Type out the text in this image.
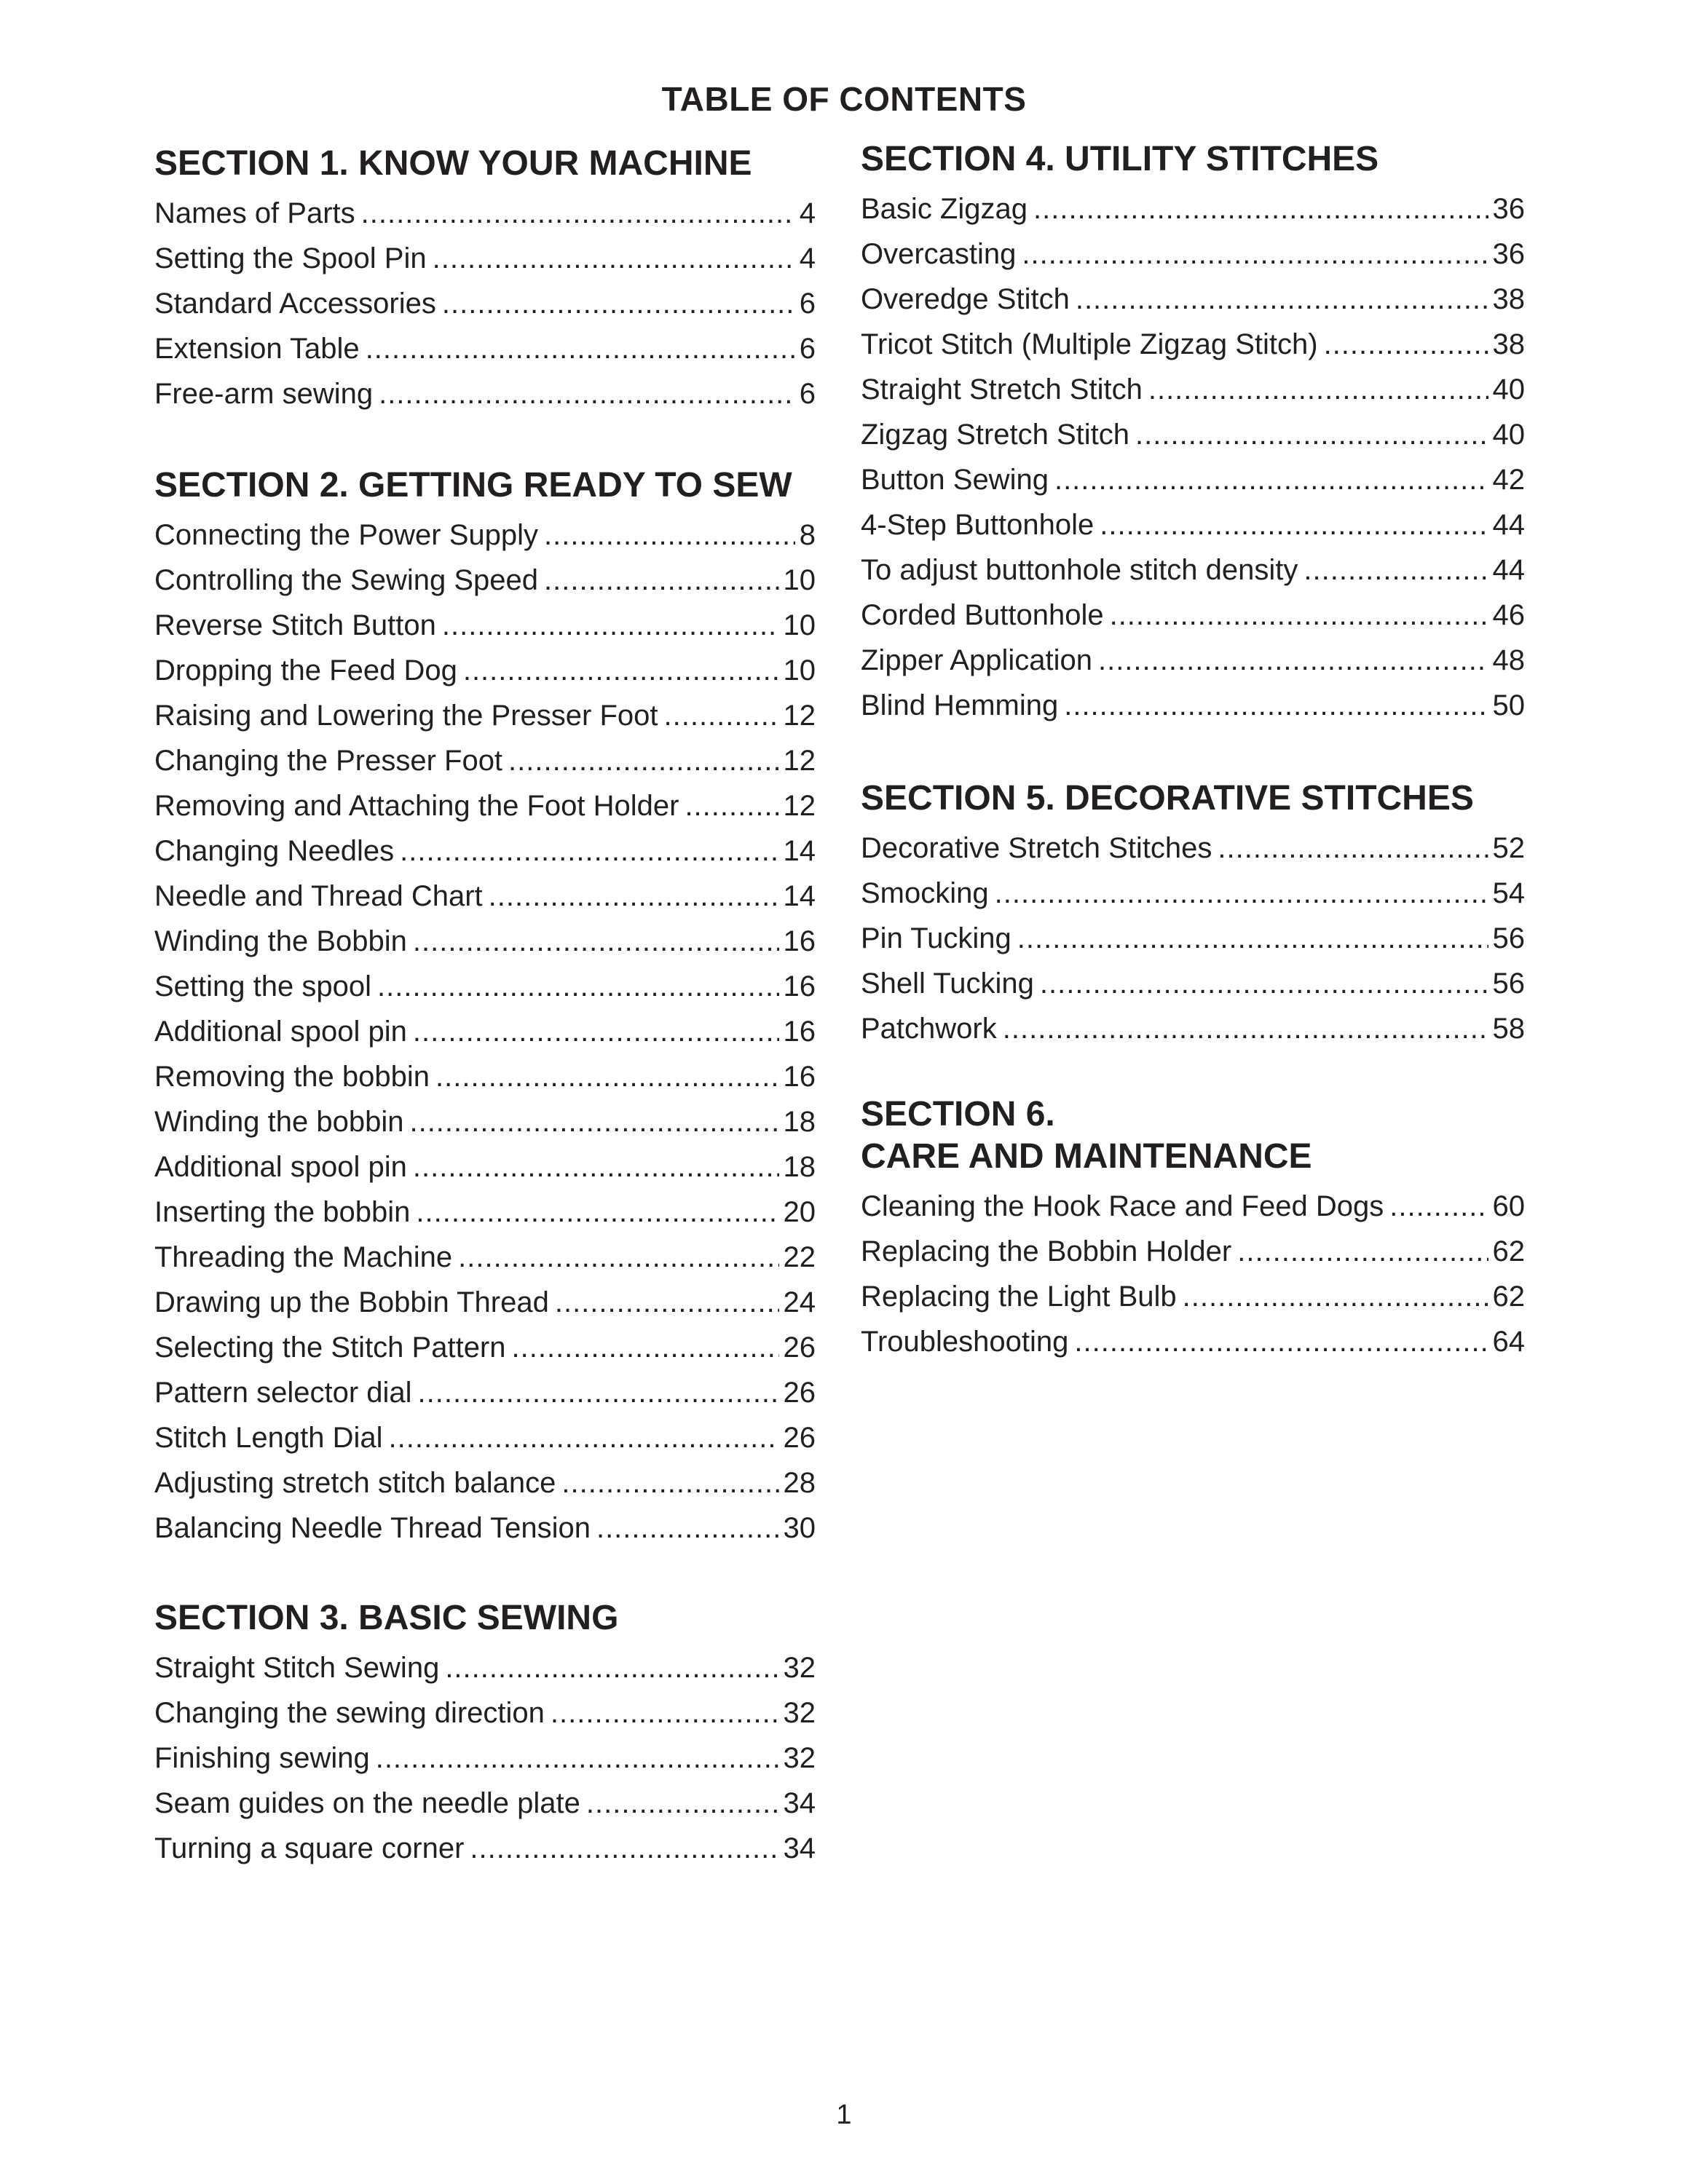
TABLE OF CONTENTS
SECTION 1. KNOW YOUR MACHINE
Names of Parts .....	4
Setting the Spool Pin .....	4
Standard Accessories .....	6
Extension Table .....	6
Free-arm sewing .....	6
SECTION 2. GETTING READY TO SEW
Connecting the Power Supply .....	8
Controlling the Sewing Speed .....	10
Reverse Stitch Button .....	10
Dropping the Feed Dog .....	10
Raising and Lowering the Presser Foot .....	12
Changing the Presser Foot .....	12
Removing and Attaching the Foot Holder .....	12
Changing Needles .....	14
Needle and Thread Chart .....	14
Winding the Bobbin .....	16
Setting the spool .....	16
Additional spool pin .....	16
Removing the bobbin .....	16
Winding the bobbin .....	18
Additional spool pin .....	18
Inserting the bobbin .....	20
Threading the Machine .....	22
Drawing up the Bobbin Thread .....	24
Selecting the Stitch Pattern .....	26
Pattern selector dial .....	26
Stitch Length Dial .....	26
Adjusting stretch stitch balance .....	28
Balancing Needle Thread Tension .....	30
SECTION 3. BASIC SEWING
Straight Stitch Sewing .....	32
Changing the sewing direction .....	32
Finishing sewing .....	32
Seam guides on the needle plate .....	34
Turning a square corner .....	34
SECTION 4. UTILITY STITCHES
Basic Zigzag .....	36
Overcasting .....	36
Overedge Stitch .....	38
Tricot Stitch (Multiple Zigzag Stitch) .....	38
Straight Stretch Stitch .....	40
Zigzag Stretch Stitch .....	40
Button Sewing .....	42
4-Step Buttonhole .....	44
To adjust buttonhole stitch density .....	44
Corded Buttonhole .....	46
Zipper Application .....	48
Blind Hemming .....	50
SECTION 5. DECORATIVE STITCHES
Decorative Stretch Stitches .....	52
Smocking .....	54
Pin Tucking .....	56
Shell Tucking .....	56
Patchwork .....	58
SECTION 6.
CARE AND MAINTENANCE
Cleaning the Hook Race and Feed Dogs .....	60
Replacing the Bobbin Holder .....	62
Replacing the Light Bulb .....	62
Troubleshooting .....	64
1
